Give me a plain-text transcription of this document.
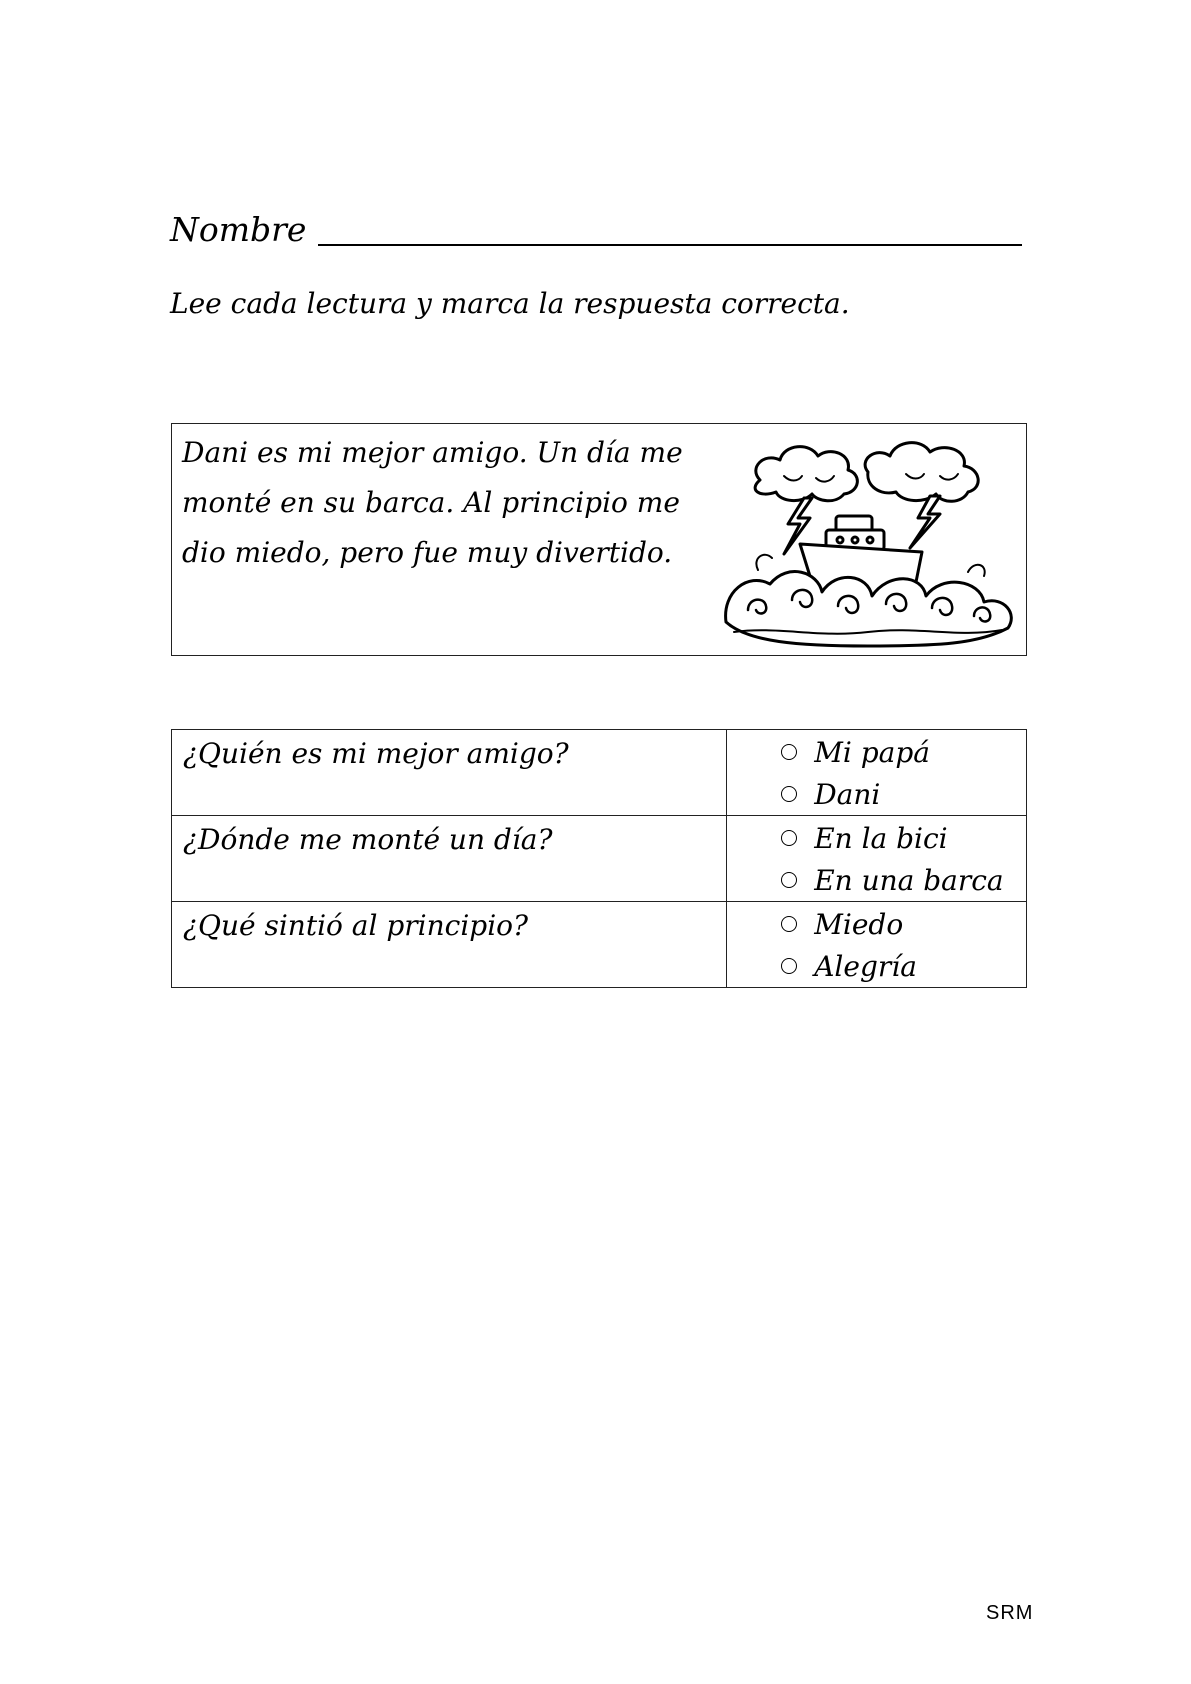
Nombre
Lee cada lectura y marca la respuesta correcta.
Dani es mi mejor amigo. Un día me
monté en su barca. Al principio me
dio miedo, pero fue muy divertido.
¿Quién es mi mejor amigo?	Mi papá
Dani

¿Dónde me monté un día?	En la bici
En una barca

¿Qué sintió al principio?	Miedo
Alegría
SRM
